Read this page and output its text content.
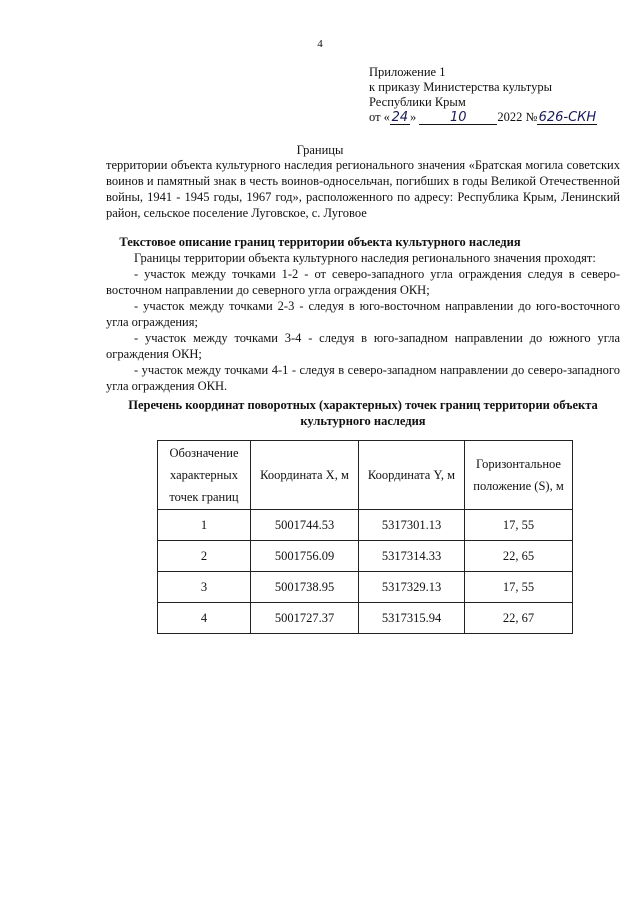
4
Приложение 1
к приказу Министерства культуры
Республики Крым
от « 24 »	10 2022 №626-СКН
Границы
территории объекта культурного наследия регионального значения «Братская могила советских воинов и памятный знак в честь воинов-односельчан, погибших в годы Великой Отечественной войны, 1941 - 1945 годы, 1967 год», расположенного по адресу: Республика Крым, Ленинский район, сельское поселение Луговское, с. Луговое
Текстовое описание границ территории объекта культурного наследия

Границы территории объекта культурного наследия регионального значения проходят:

- участок между точками 1-2 - от северо-западного угла ограждения следуя в северо-восточном направлении до северного угла ограждения ОКН;

- участок между точками 2-3 - следуя в юго-восточном направлении до юго-восточного угла ограждения;

- участок между точками 3-4 - следуя в юго-западном направлении до южного угла ограждения ОКН;

- участок между точками 4-1 - следуя в северо-западном направлении до северо-западного угла ограждения ОКН.

Перечень координат поворотных (характерных) точек границ территории объекта культурного наследия
Обозначение характерных точек границ	Координата X, м	Координата Y, м	Горизонтальное положение (S), м
1	5001744.53	5317301.13	17, 55
2	5001756.09	5317314.33	22, 65
3	5001738.95	5317329.13	17, 55
4	5001727.37	5317315.94	22, 67
